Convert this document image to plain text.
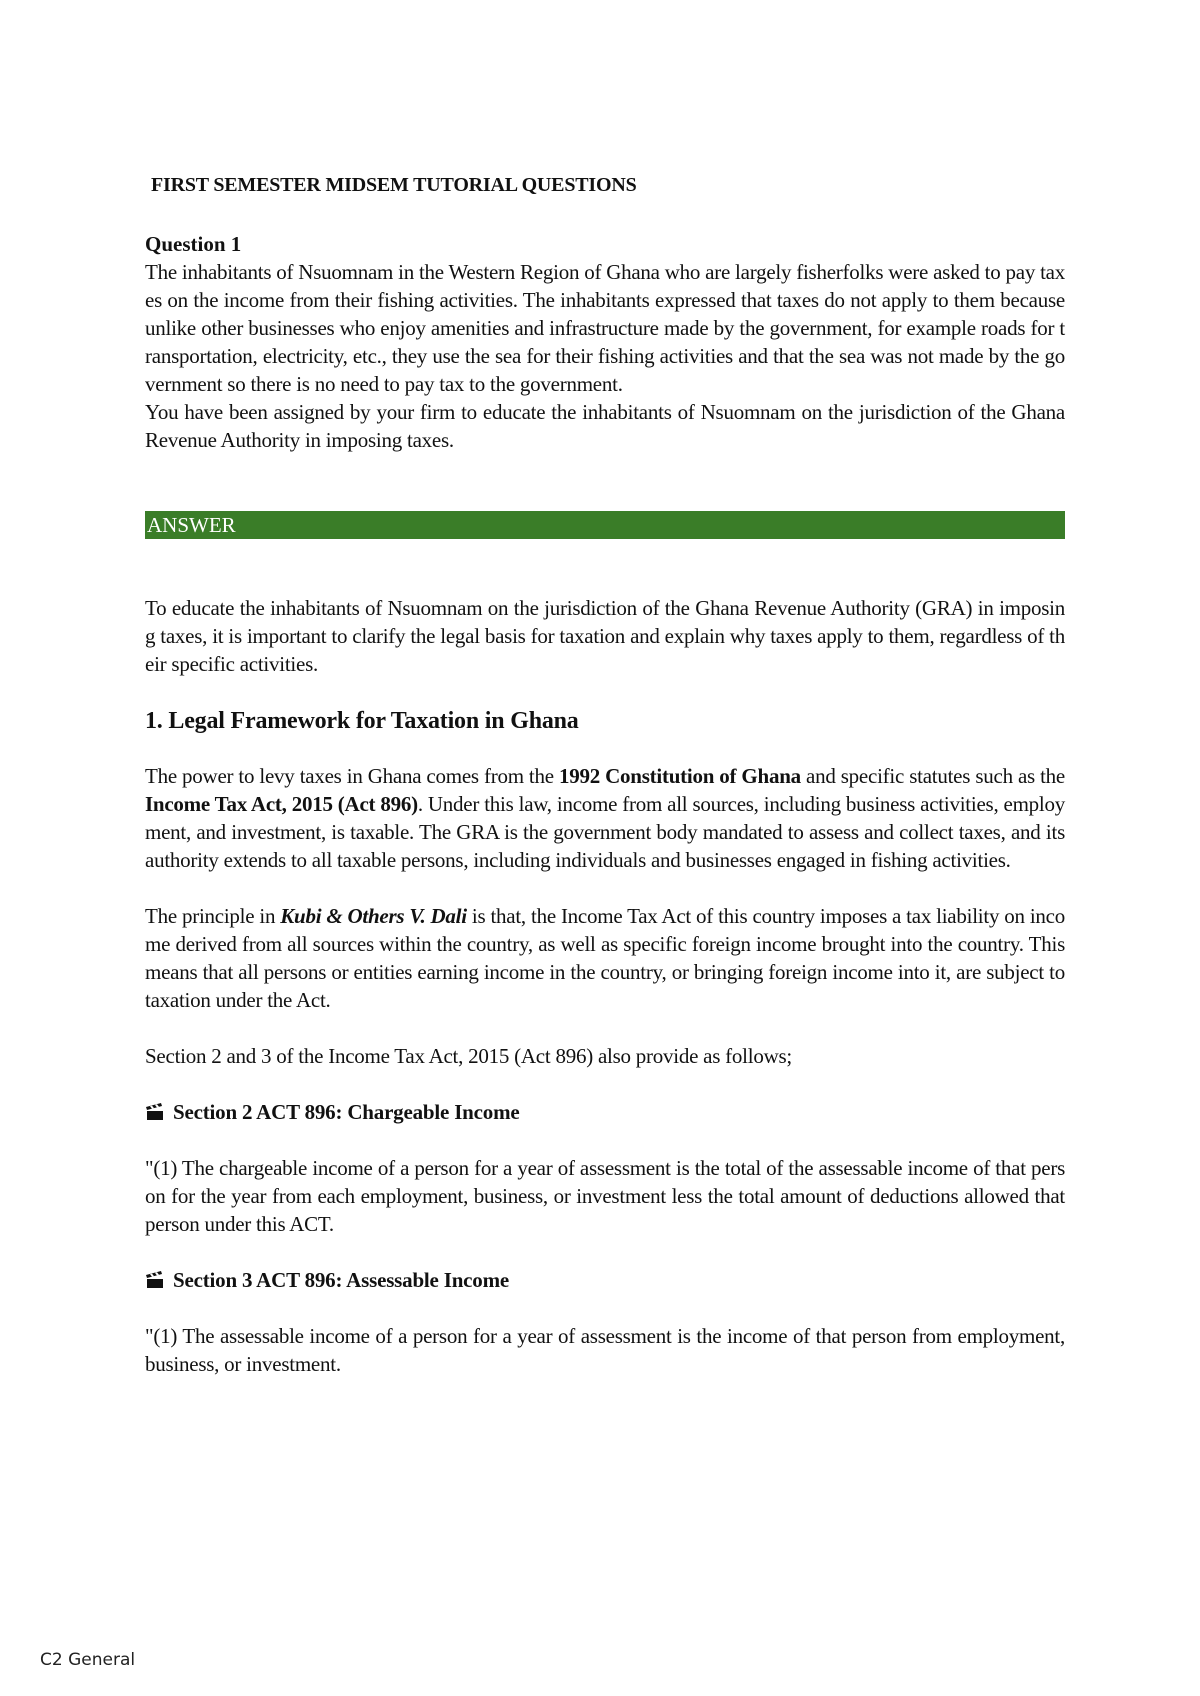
FIRST SEMESTER MIDSEM TUTORIAL QUESTIONS
Question 1

The inhabitants of Nsuomnam in the Western Region of Ghana who are largely fisherfolks were asked to pay taxes on the income from their fishing activities. The inhabitants expressed that taxes do not apply to them because unlike other businesses who enjoy amenities and infrastructure made by the government, for example roads for transportation, electricity, etc., they use the sea for their fishing activities and that the sea was not made by the government so there is no need to pay tax to the government.

You have been assigned by your firm to educate the inhabitants of Nsuomnam on the jurisdiction of the Ghana Revenue Authority in imposing taxes.

ANSWER

To educate the inhabitants of Nsuomnam on the jurisdiction of the Ghana Revenue Authority (GRA) in imposing taxes, it is important to clarify the legal basis for taxation and explain why taxes apply to them, regardless of their specific activities.

1. Legal Framework for Taxation in Ghana

The power to levy taxes in Ghana comes from the 1992 Constitution of Ghana and specific statutes such as the Income Tax Act, 2015 (Act 896). Under this law, income from all sources, including business activities, employment, and investment, is taxable. The GRA is the government body mandated to assess and collect taxes, and its authority extends to all taxable persons, including individuals and businesses engaged in fishing activities.

The principle in Kubi & Others V. Dali is that, the Income Tax Act of this country imposes a tax liability on income derived from all sources within the country, as well as specific foreign income brought into the country. This means that all persons or entities earning income in the country, or bringing foreign income into it, are subject to taxation under the Act.

Section 2 and 3 of the Income Tax Act, 2015 (Act 896) also provide as follows;

Section 2 ACT 896: Chargeable Income

"(1) The chargeable income of a person for a year of assessment is the total of the assessable income of that person for the year from each employment, business, or investment less the total amount of deductions allowed that person under this ACT.

Section 3 ACT 896: Assessable Income

"(1) The assessable income of a person for a year of assessment is the income of that person from employment, business, or investment.

C2 General
